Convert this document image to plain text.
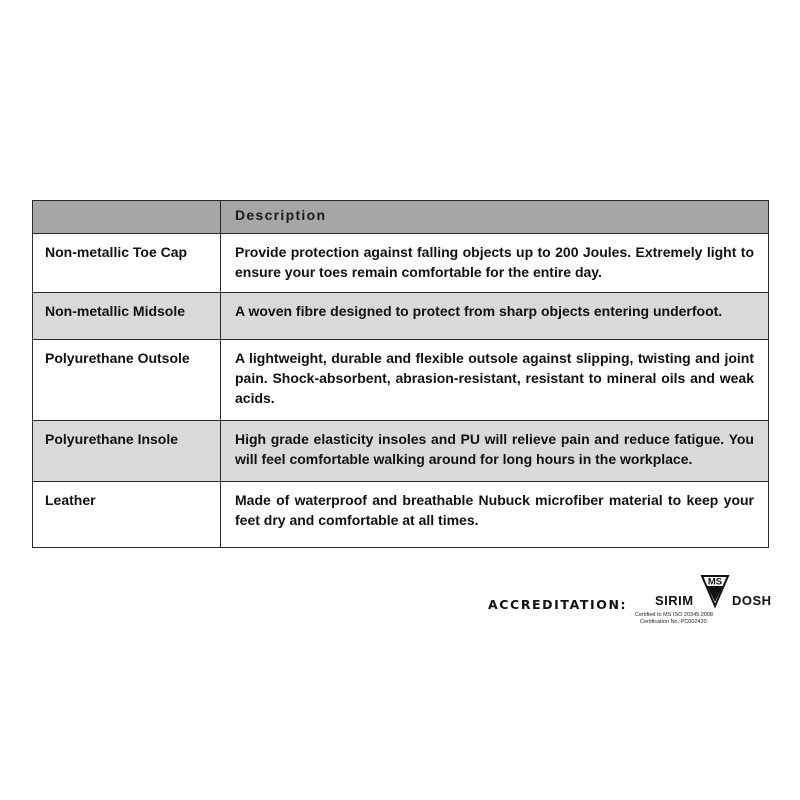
	Description
Non-metallic Toe Cap	Provide protection against falling objects up to 200 Joules. Extremely light to ensure your toes remain comfortable for the entire day.
Non-metallic Midsole	A woven fibre designed to protect from sharp objects entering underfoot.
Polyurethane Outsole	A lightweight, durable and flexible outsole against slipping, twisting and joint pain. Shock-absorbent, abrasion-resistant, resistant to mineral oils and weak acids.
Polyurethane Insole	High grade elasticity insoles and PU will relieve pain and reduce fatigue. You will feel comfortable walking around for long hours in the workplace.
Leather	Made of waterproof and breathable Nubuck microfiber material to keep your feet dry and comfortable at all times.
ACCREDITATION: SIRIM
MS
DOSH
Certified to MS ISO 20345:2008
Certification No.:PC002430
